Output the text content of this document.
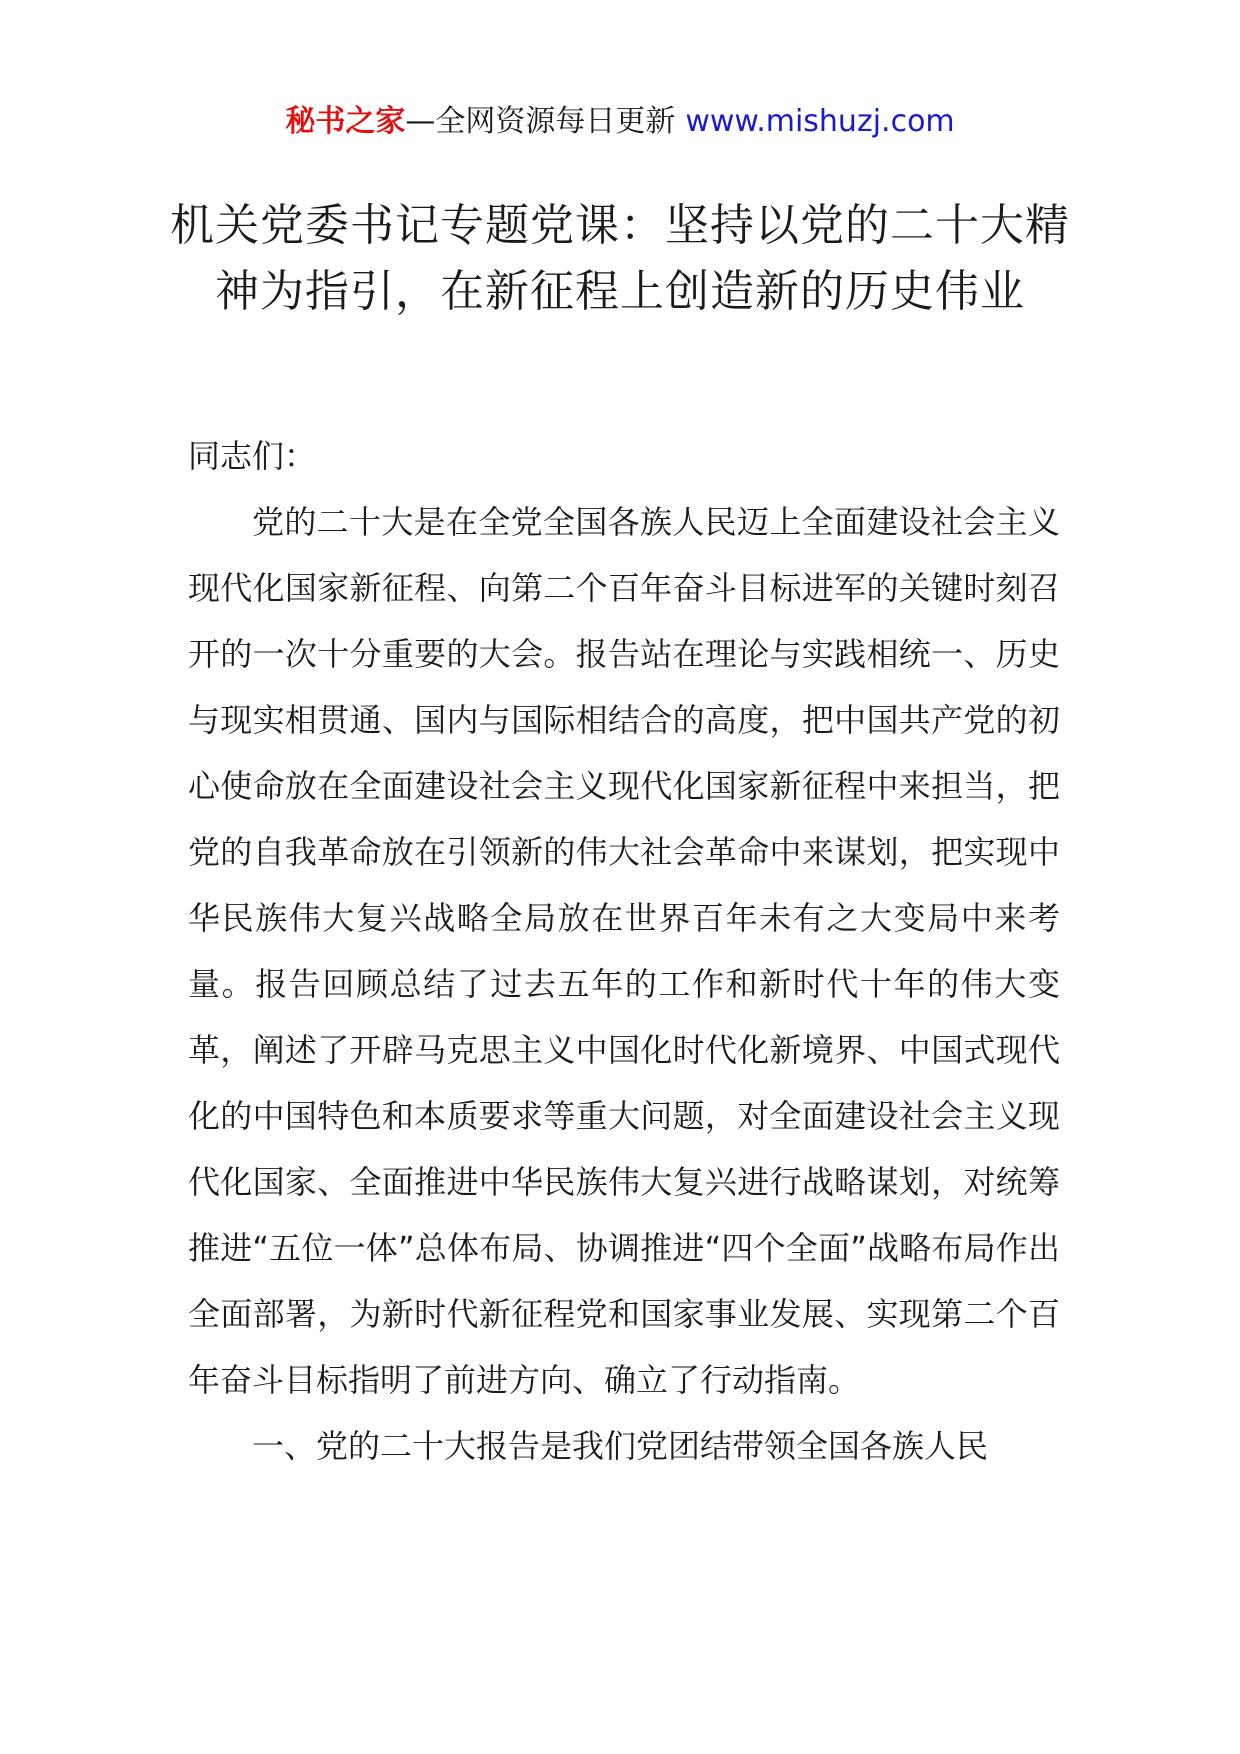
秘书之家—全网资源每日更新 www.mishuzj.com
机关党委书记专题党课：坚持以党的二十大精神为指引，在新征程上创造新的历史伟业

同志们：

党的二十大是在全党全国各族人民迈上全面建设社会主义现代化国家新征程、向第二个百年奋斗目标进军的关键时刻召开的一次十分重要的大会。报告站在理论与实践相统一、历史与现实相贯通、国内与国际相结合的高度，把中国共产党的初心使命放在全面建设社会主义现代化国家新征程中来担当，把党的自我革命放在引领新的伟大社会革命中来谋划，把实现中华民族伟大复兴战略全局放在世界百年未有之大变局中来考量。报告回顾总结了过去五年的工作和新时代十年的伟大变革，阐述了开辟马克思主义中国化时代化新境界、中国式现代化的中国特色和本质要求等重大问题，对全面建设社会主义现代化国家、全面推进中华民族伟大复兴进行战略谋划，对统筹推进“五位一体”总体布局、协调推进“四个全面”战略布局作出全面部署，为新时代新征程党和国家事业发展、实现第二个百年奋斗目标指明了前进方向、确立了行动指南。

一、党的二十大报告是我们党团结带领全国各族人民
